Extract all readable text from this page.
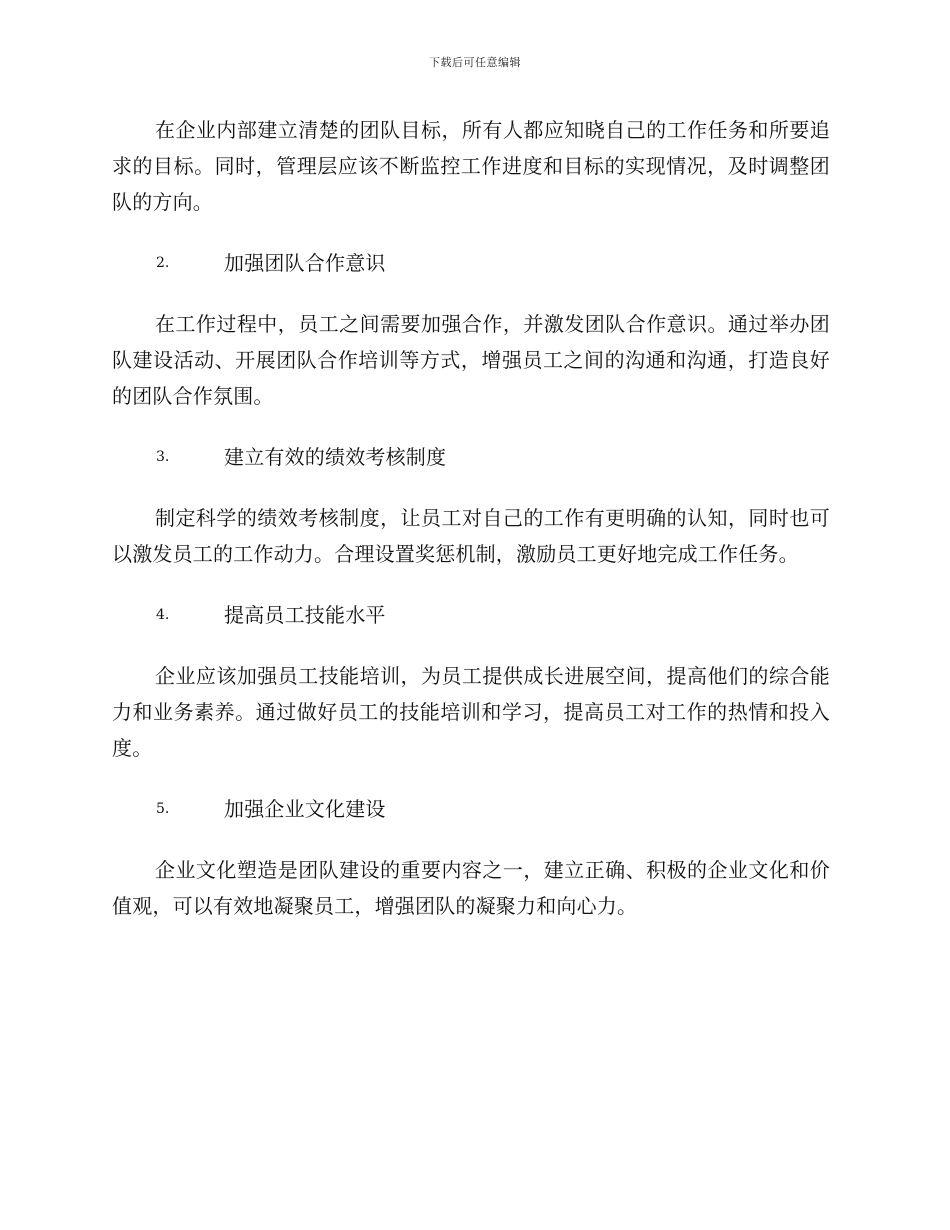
下载后可任意编辑

在企业内部建立清楚的团队目标，所有人都应知晓自己的工作任务和所要追求的目标。同时，管理层应该不断监控工作进度和目标的实现情况，及时调整团队的方向。

2.	加强团队合作意识

在工作过程中，员工之间需要加强合作，并激发团队合作意识。通过举办团队建设活动、开展团队合作培训等方式，增强员工之间的沟通和沟通，打造良好的团队合作氛围。

3.	建立有效的绩效考核制度

制定科学的绩效考核制度，让员工对自己的工作有更明确的认知，同时也可以激发员工的工作动力。合理设置奖惩机制，激励员工更好地完成工作任务。

4.	提高员工技能水平

企业应该加强员工技能培训，为员工提供成长进展空间，提高他们的综合能力和业务素养。通过做好员工的技能培训和学习，提高员工对工作的热情和投入度。

5.	加强企业文化建设

企业文化塑造是团队建设的重要内容之一，建立正确、积极的企业文化和价值观，可以有效地凝聚员工，增强团队的凝聚力和向心力。
